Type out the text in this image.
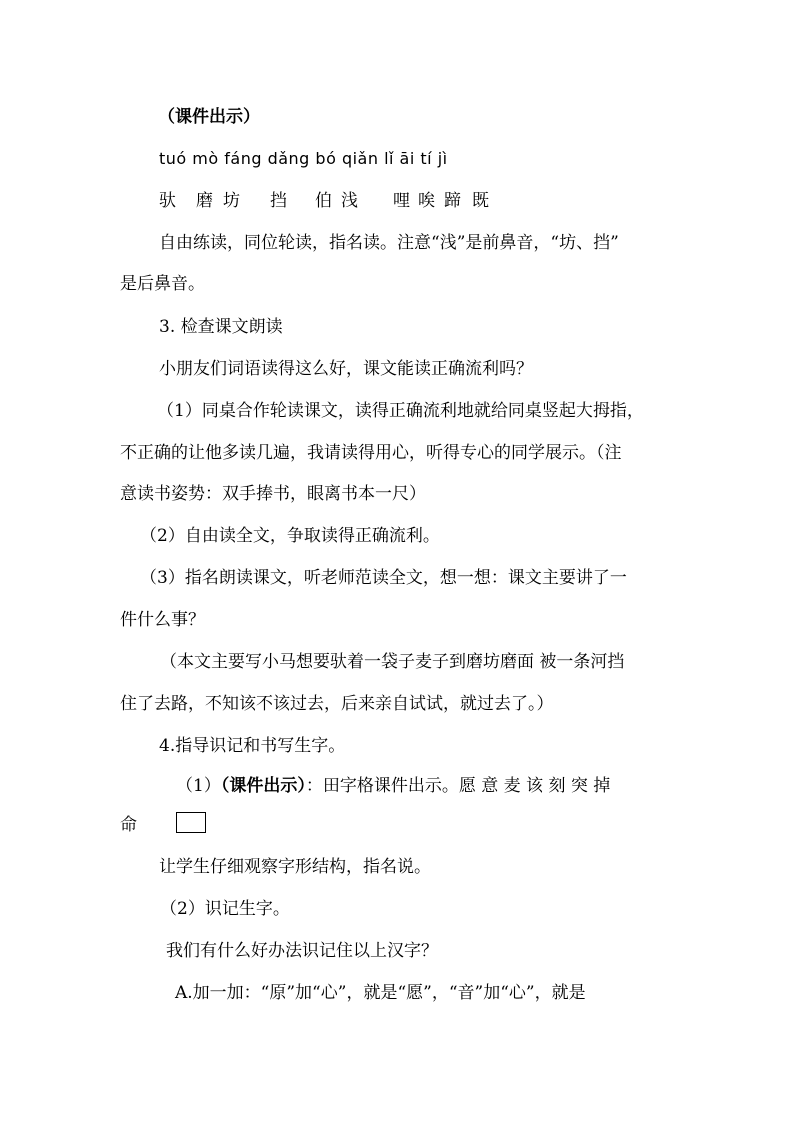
（课件出示）
tuó mò fáng dǎng bó qiǎn lǐ āi tí jì
驮 磨 坊 挡 伯 浅 哩 唉 蹄 既
自由练读，同位轮读，指名读。注意“浅”是前鼻音，“坊、挡”
是后鼻音。
3. 检查课文朗读
小朋友们词语读得这么好，课文能读正确流利吗？
（1）同桌合作轮读课文，读得正确流利地就给同桌竖起大拇指，
不正确的让他多读几遍，我请读得用心，听得专心的同学展示。（注
意读书姿势：双手捧书，眼离书本一尺）
（2）自由读全文，争取读得正确流利。
（3）指名朗读课文，听老师范读全文，想一想：课文主要讲了一
件什么事？
（本文主要写小马想要驮着一袋子麦子到磨坊磨面 被一条河挡
住了去路，不知该不该过去，后来亲自试试，就过去了。）
4.指导识记和书写生字。
（1）（课件出示）：田字格课件出示。愿 意 麦 该 刻 突 掉
命
让学生仔细观察字形结构，指名说。
（2）识记生字。
我们有什么好办法识记住以上汉字？
A.加一加：“原”加“心”，就是“愿”，“音”加“心”，就是
